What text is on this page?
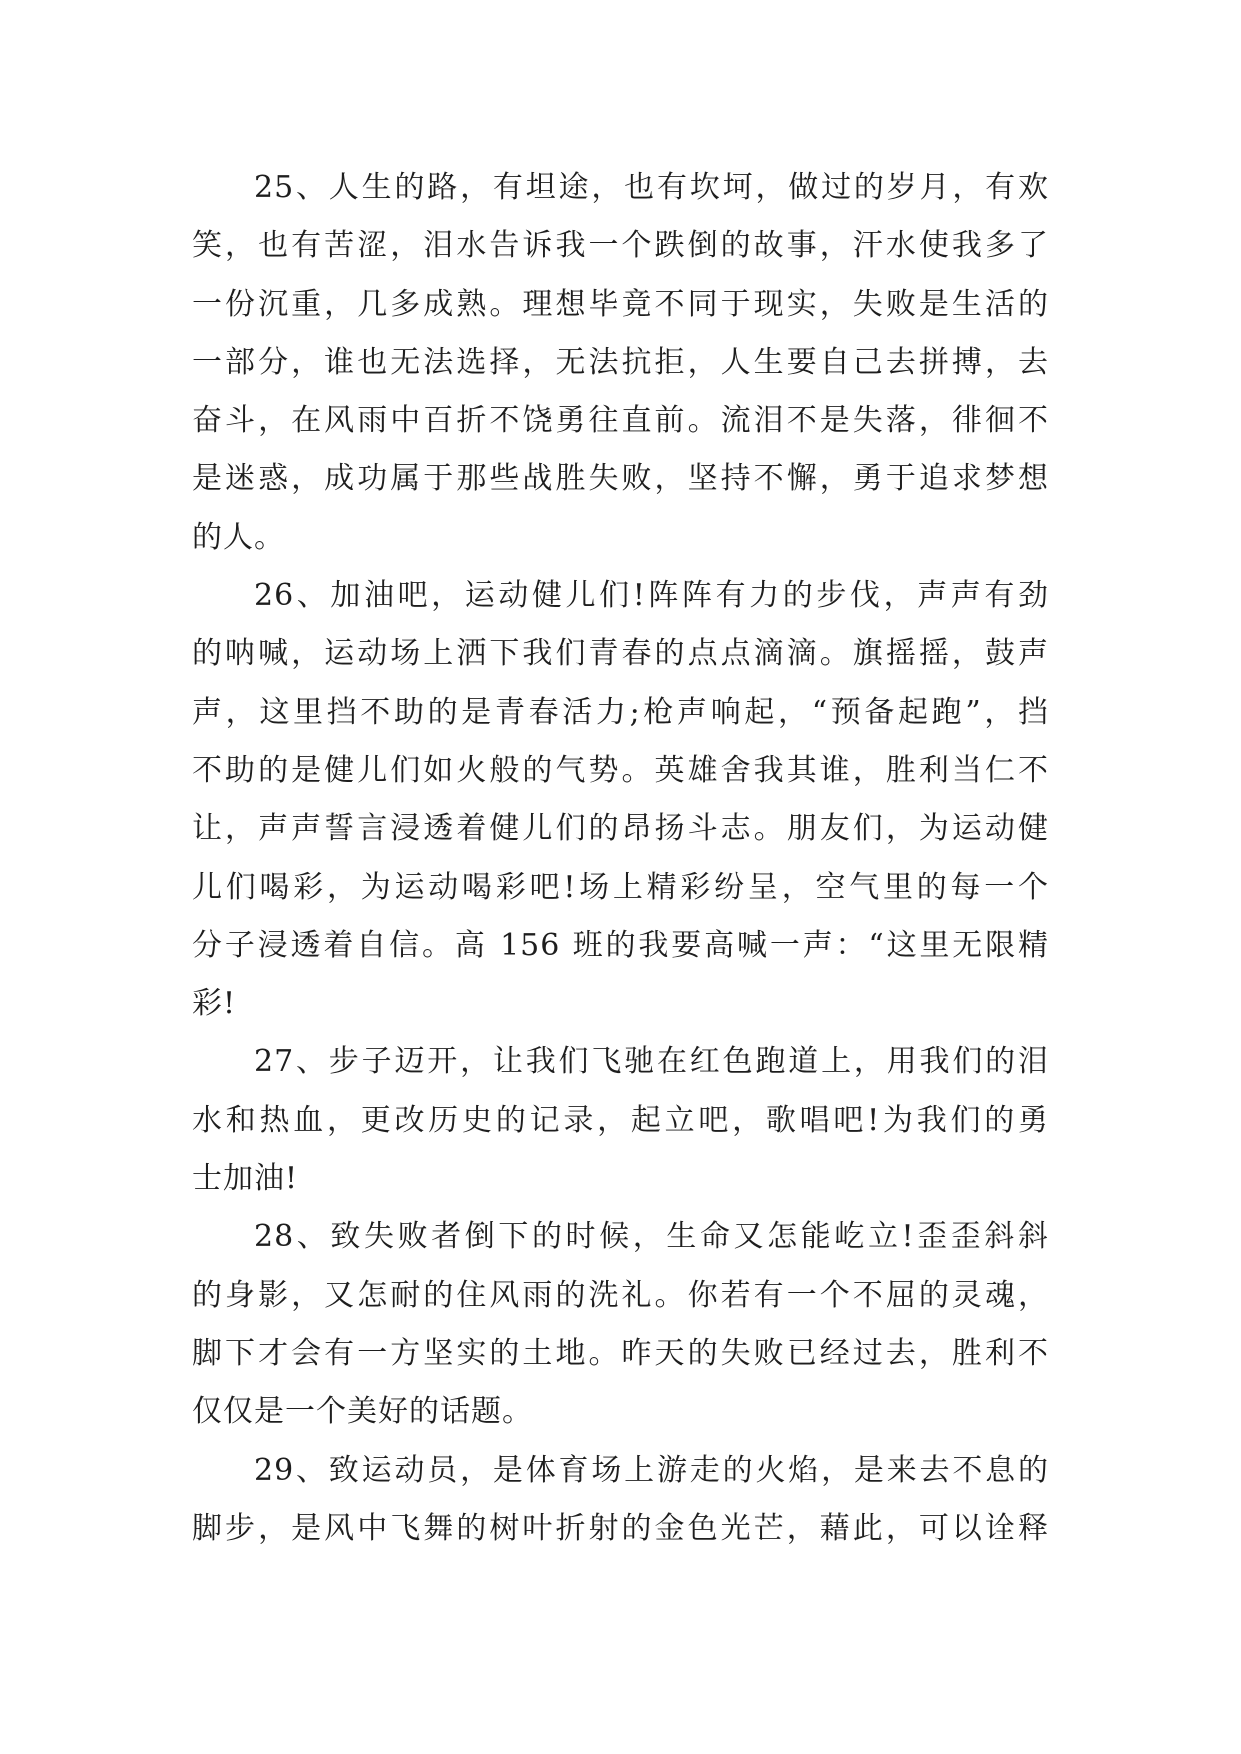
25、人生的路，有坦途，也有坎坷，做过的岁月，有欢
笑，也有苦涩，泪水告诉我一个跌倒的故事，汗水使我多了
一份沉重，几多成熟。理想毕竟不同于现实，失败是生活的
一部分，谁也无法选择，无法抗拒，人生要自己去拼搏，去
奋斗，在风雨中百折不饶勇往直前。流泪不是失落，徘徊不
是迷惑，成功属于那些战胜失败，坚持不懈，勇于追求梦想
的人。
26、加油吧，运动健儿们!阵阵有力的步伐，声声有劲
的呐喊，运动场上洒下我们青春的点点滴滴。旗摇摇，鼓声
声，这里挡不助的是青春活力;枪声响起，“预备起跑”，挡
不助的是健儿们如火般的气势。英雄舍我其谁，胜利当仁不
让，声声誓言浸透着健儿们的昂扬斗志。朋友们，为运动健
儿们喝彩，为运动喝彩吧!场上精彩纷呈，空气里的每一个
分子浸透着自信。高 156 班的我要高喊一声：“这里无限精
彩!
27、步子迈开，让我们飞驰在红色跑道上，用我们的泪
水和热血，更改历史的记录，起立吧，歌唱吧!为我们的勇
士加油!
28、致失败者倒下的时候，生命又怎能屹立!歪歪斜斜
的身影，又怎耐的住风雨的洗礼。你若有一个不屈的灵魂，
脚下才会有一方坚实的土地。昨天的失败已经过去，胜利不
仅仅是一个美好的话题。
29、致运动员，是体育场上游走的火焰，是来去不息的
脚步，是风中飞舞的树叶折射的金色光芒，藉此，可以诠释
